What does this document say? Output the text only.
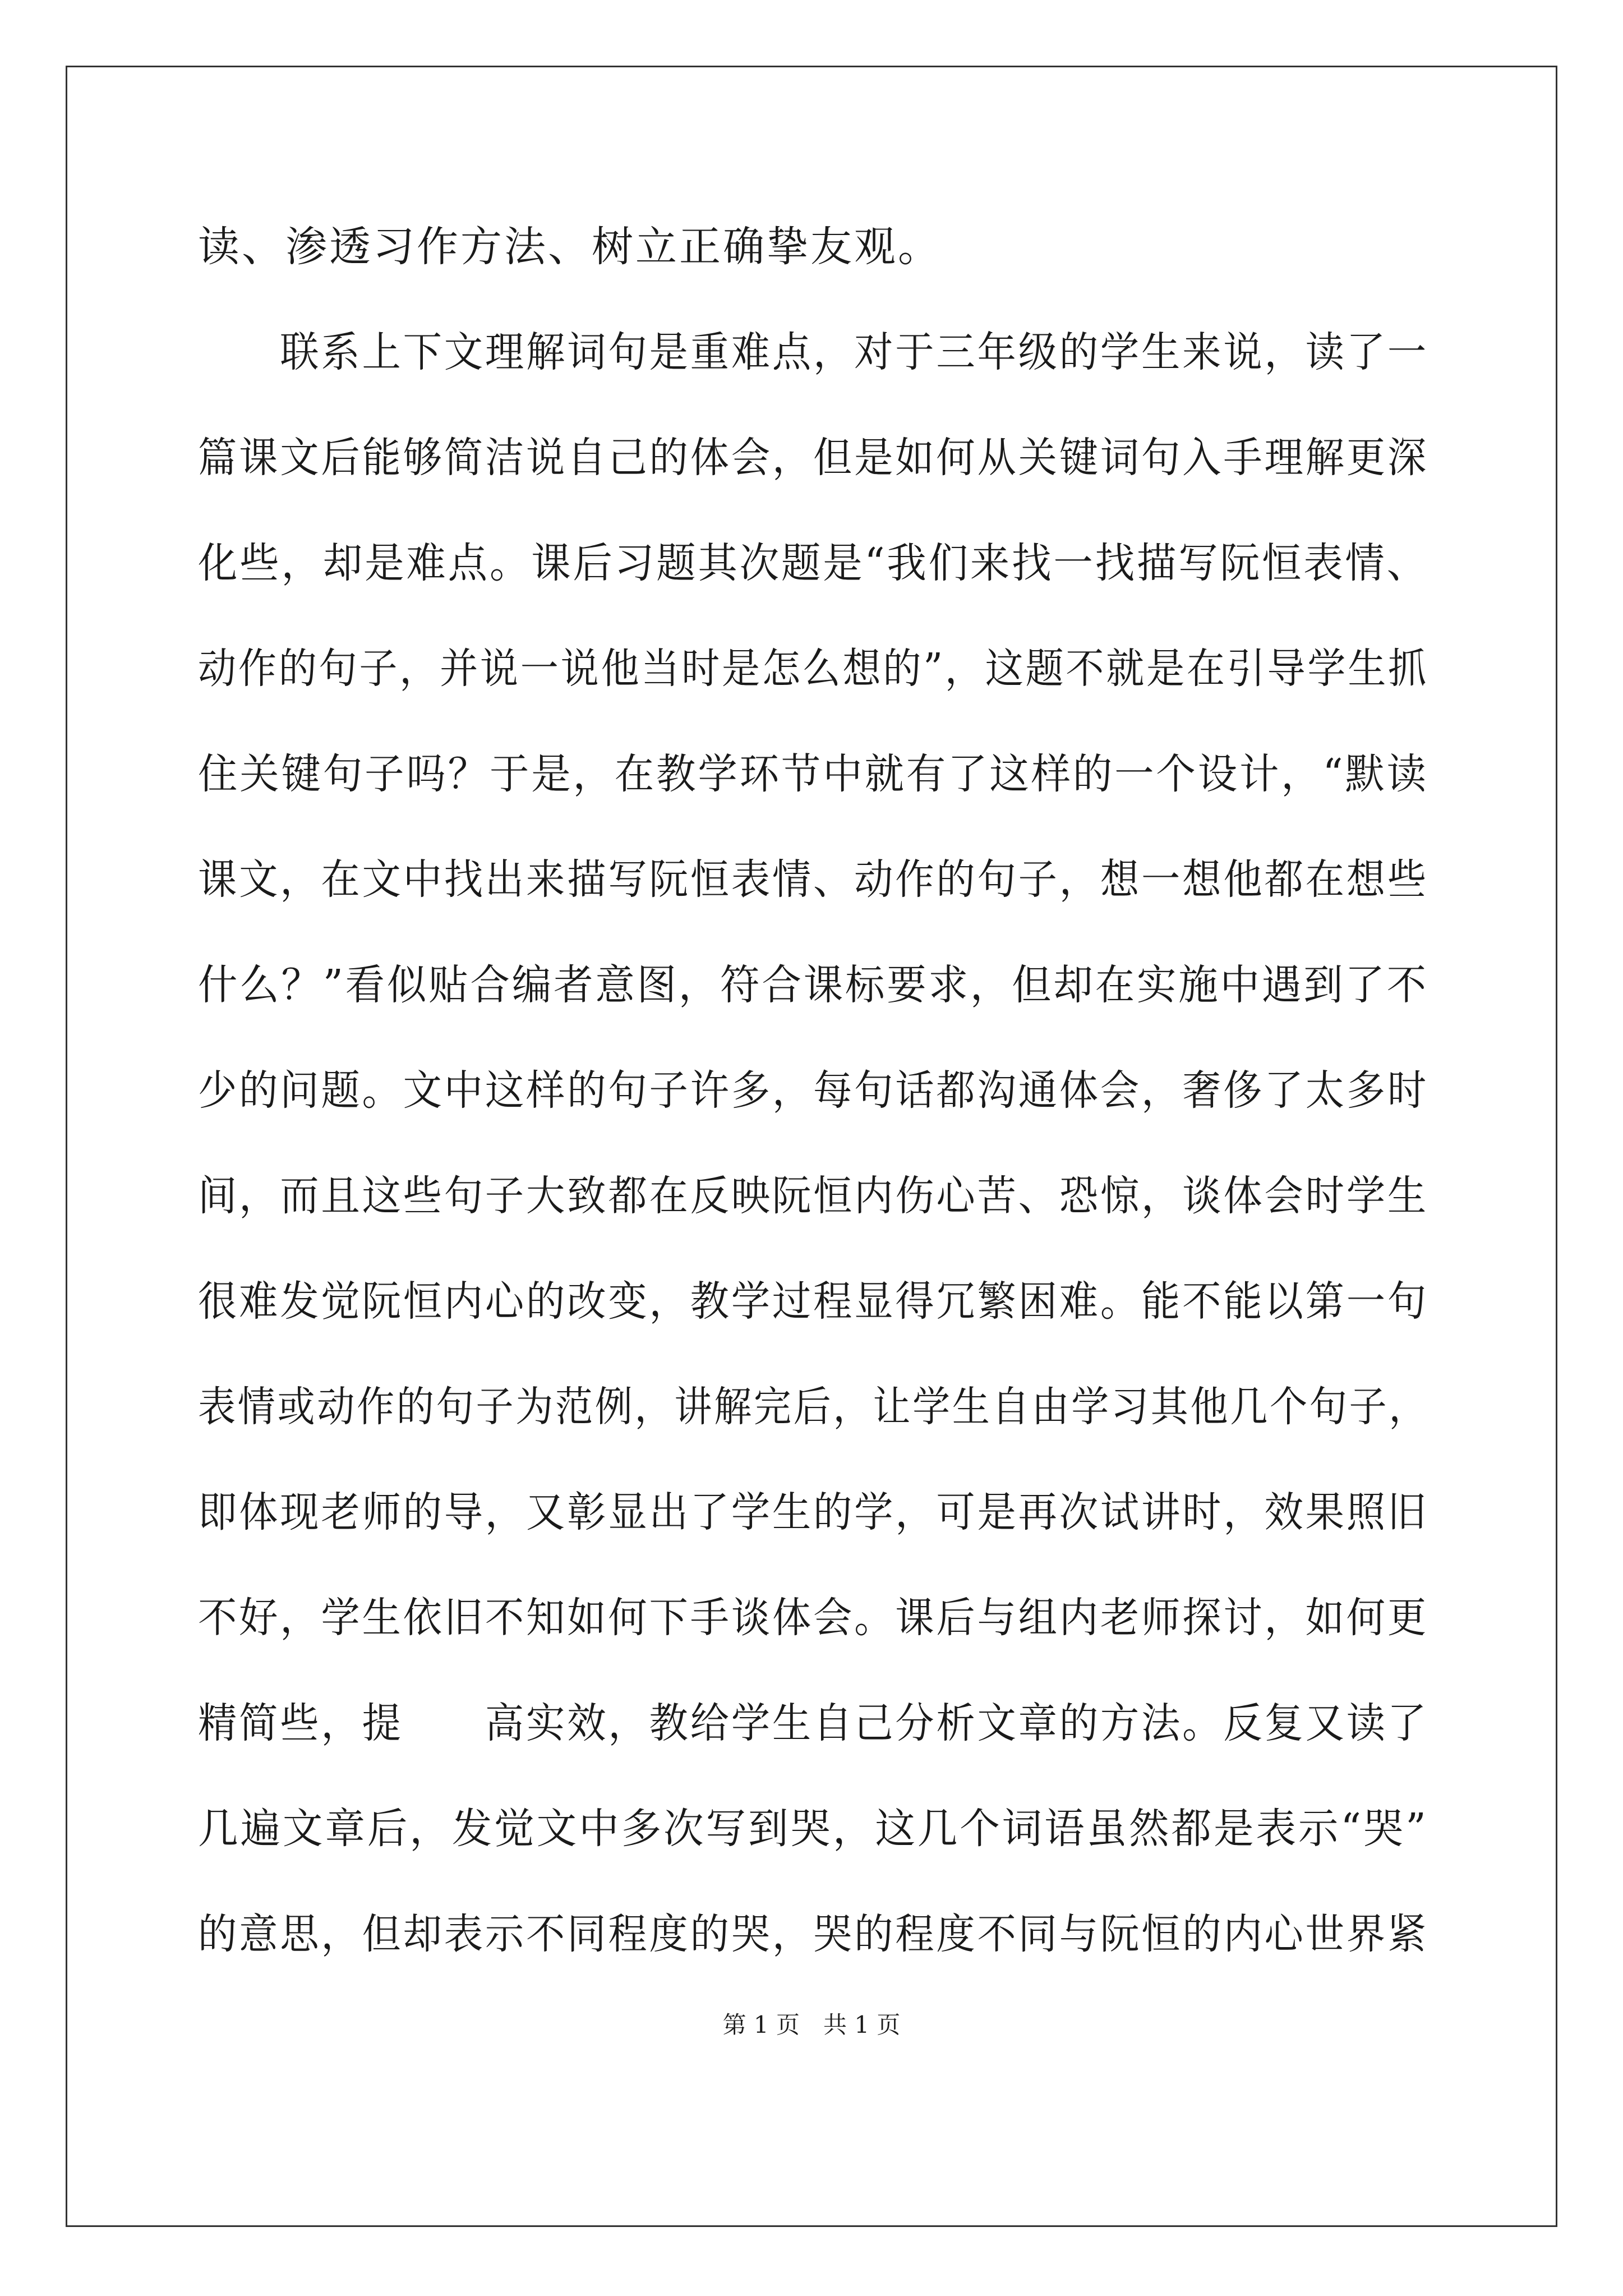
读、渗透习作方法、树立正确挚友观。
　　联系上下文理解词句是重难点，对于三年级的学生来说，读了一
篇课文后能够简洁说自己的体会，但是如何从关键词句入手理解更深
化些，却是难点。课后习题其次题是“我们来找一找描写阮恒表情、
动作的句子，并说一说他当时是怎么想的”，这题不就是在引导学生抓
住关键句子吗？于是，在教学环节中就有了这样的一个设计，“默读
课文，在文中找出来描写阮恒表情、动作的句子，想一想他都在想些
什么？”看似贴合编者意图，符合课标要求，但却在实施中遇到了不
少的问题。文中这样的句子许多，每句话都沟通体会，奢侈了太多时
间，而且这些句子大致都在反映阮恒内伤心苦、恐惊，谈体会时学生
很难发觉阮恒内心的改变，教学过程显得冗繁困难。能不能以第一句
表情或动作的句子为范例，讲解完后，让学生自由学习其他几个句子，
即体现老师的导，又彰显出了学生的学，可是再次试讲时，效果照旧
不好，学生依旧不知如何下手谈体会。课后与组内老师探讨，如何更
精简些，提　　高实效，教给学生自己分析文章的方法。反复又读了
几遍文章后，发觉文中多次写到哭，这几个词语虽然都是表示“哭”
的意思，但却表示不同程度的哭，哭的程度不同与阮恒的内心世界紧
第 1 页　共 1 页
